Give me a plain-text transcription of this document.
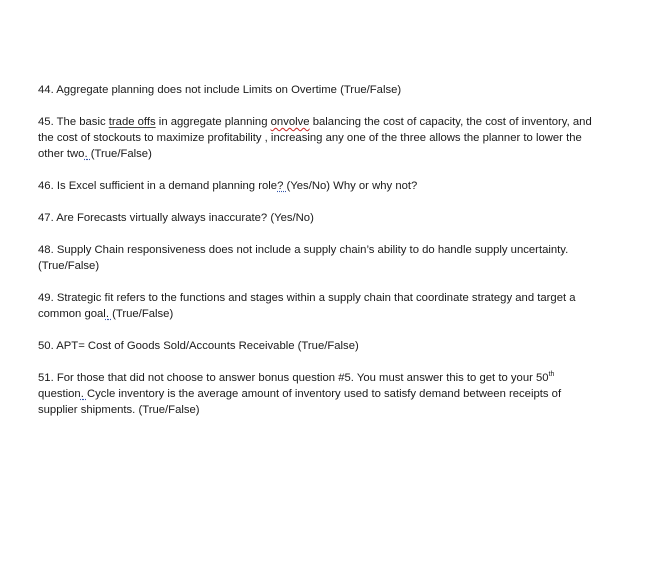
44. Aggregate planning does not include Limits on Overtime (True/False)

45. The basic trade offs in aggregate planning onvolve balancing the cost of capacity, the cost of inventory, and the cost of stockouts to maximize profitability , increasing any one of the three allows the planner to lower the other two. (True/False)

46. Is Excel sufficient in a demand planning role? (Yes/No) Why or why not?

47. Are Forecasts virtually always inaccurate? (Yes/No)

48. Supply Chain responsiveness does not include a supply chain’s ability to do handle supply uncertainty. (True/False)

49. Strategic fit refers to the functions and stages within a supply chain that coordinate strategy and target a common goal. (True/False)

50. APT= Cost of Goods Sold/Accounts Receivable (True/False)

51. For those that did not choose to answer bonus question #5. You must answer this to get to your 50th question. Cycle inventory is the average amount of inventory used to satisfy demand between receipts of supplier shipments. (True/False)
